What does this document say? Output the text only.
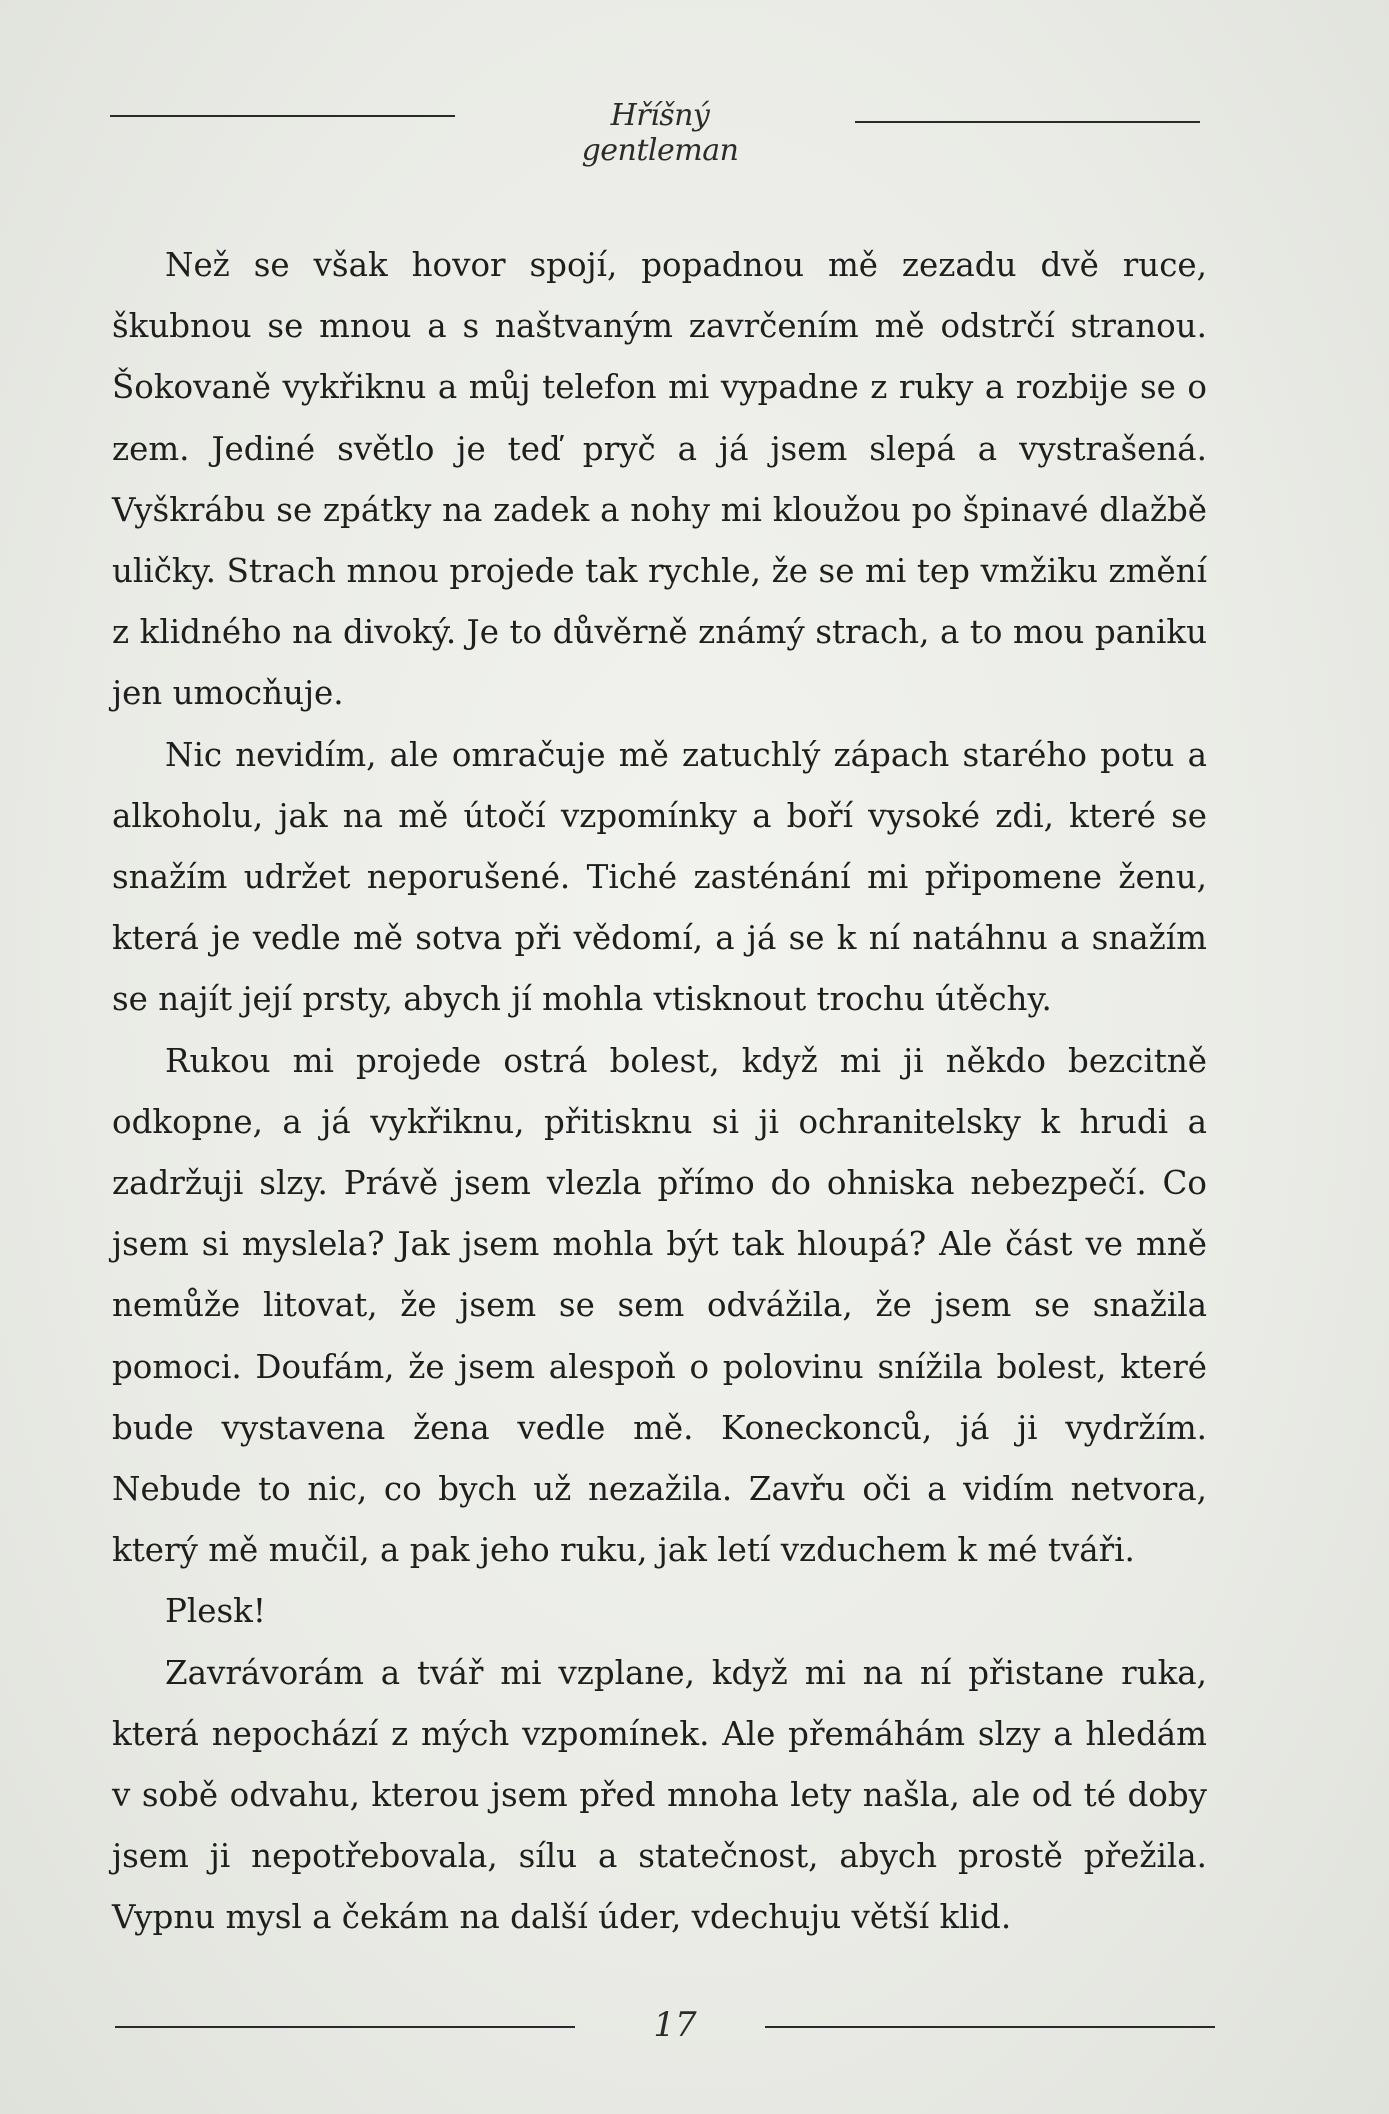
Hříšný gentleman

Než se však hovor spojí, popadnou mě zezadu dvě ruce, škubnou se mnou a s naštvaným zavrčením mě odstrčí stranou. Šokovaně vykřiknu a můj telefon mi vypadne z ruky a rozbije se o zem. Jediné světlo je teď pryč a já jsem slepá a vystrašená. Vyškrábu se zpátky na zadek a nohy mi kloužou po špinavé dlažbě uličky. Strach mnou projede tak rychle, že se mi tep vmžiku změní z klidného na divoký. Je to důvěrně známý strach, a to mou paniku jen umocňuje.

Nic nevidím, ale omračuje mě zatuchlý zápach starého potu a alkoholu, jak na mě útočí vzpomínky a boří vysoké zdi, které se snažím udržet neporušené. Tiché zasténání mi připomene ženu, která je vedle mě sotva při vědomí, a já se k ní natáhnu a snažím se najít její prsty, abych jí mohla vtisknout trochu útěchy.

Rukou mi projede ostrá bolest, když mi ji někdo bezcitně odkopne, a já vykřiknu, přitisknu si ji ochranitelsky k hrudi a zadržuji slzy. Právě jsem vlezla přímo do ohniska nebezpečí. Co jsem si myslela? Jak jsem mohla být tak hloupá? Ale část ve mně nemůže litovat, že jsem se sem odvážila, že jsem se snažila pomoci. Doufám, že jsem alespoň o polovinu snížila bolest, které bude vystavena žena vedle mě. Koneckonců, já ji vydržím. Nebude to nic, co bych už nezažila. Zavřu oči a vidím netvora, který mě mučil, a pak jeho ruku, jak letí vzduchem k mé tváři.

Plesk!

Zavrávorám a tvář mi vzplane, když mi na ní přistane ruka, která nepochází z mých vzpomínek. Ale přemáhám slzy a hledám v sobě odvahu, kterou jsem před mnoha lety našla, ale od té doby jsem ji nepotřebovala, sílu a statečnost, abych prostě přežila. Vypnu mysl a čekám na další úder, vdechuju větší klid.

17
